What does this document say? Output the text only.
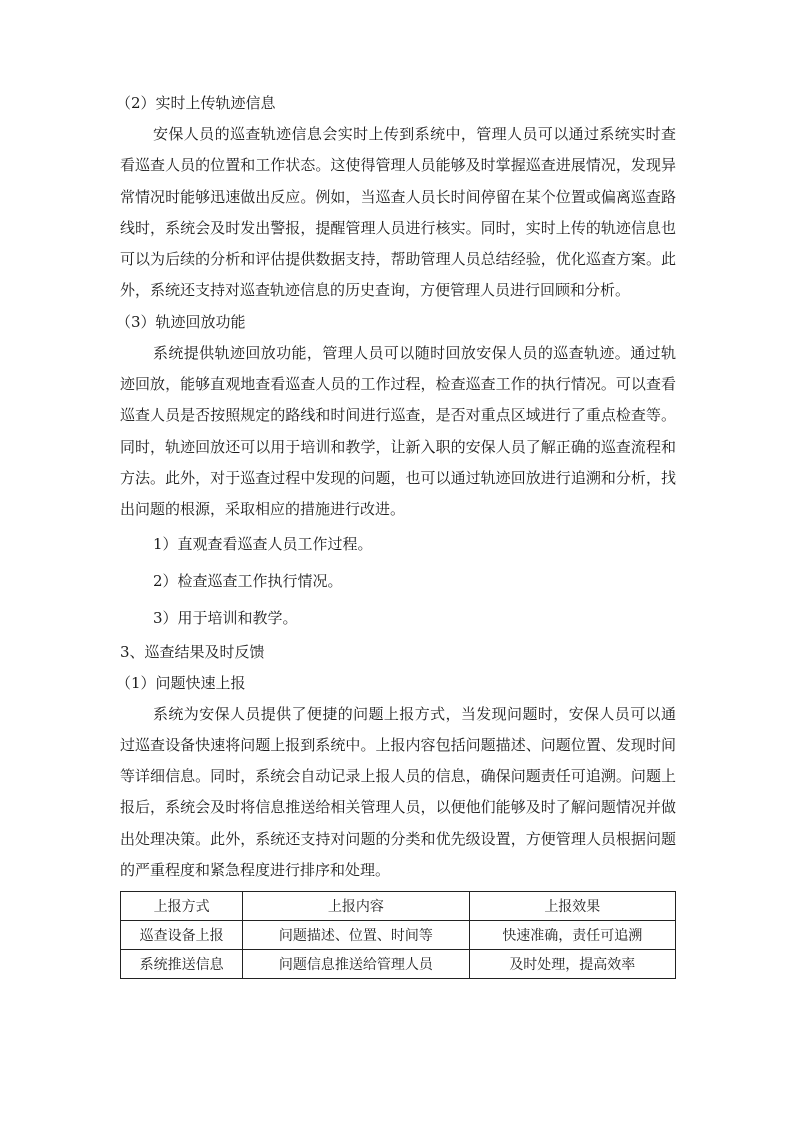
（2）实时上传轨迹信息

安保人员的巡查轨迹信息会实时上传到系统中，管理人员可以通过系统实时查看巡查人员的位置和工作状态。这使得管理人员能够及时掌握巡查进展情况，发现异常情况时能够迅速做出反应。例如，当巡查人员长时间停留在某个位置或偏离巡查路线时，系统会及时发出警报，提醒管理人员进行核实。同时，实时上传的轨迹信息也可以为后续的分析和评估提供数据支持，帮助管理人员总结经验，优化巡查方案。此外，系统还支持对巡查轨迹信息的历史查询，方便管理人员进行回顾和分析。

（3）轨迹回放功能

系统提供轨迹回放功能，管理人员可以随时回放安保人员的巡查轨迹。通过轨迹回放，能够直观地查看巡查人员的工作过程，检查巡查工作的执行情况。可以查看巡查人员是否按照规定的路线和时间进行巡查，是否对重点区域进行了重点检查等。同时，轨迹回放还可以用于培训和教学，让新入职的安保人员了解正确的巡查流程和方法。此外，对于巡查过程中发现的问题，也可以通过轨迹回放进行追溯和分析，找出问题的根源，采取相应的措施进行改进。

1）直观查看巡查人员工作过程。

2）检查巡查工作执行情况。

3）用于培训和教学。

3、巡查结果及时反馈

（1）问题快速上报

系统为安保人员提供了便捷的问题上报方式，当发现问题时，安保人员可以通过巡查设备快速将问题上报到系统中。上报内容包括问题描述、问题位置、发现时间等详细信息。同时，系统会自动记录上报人员的信息，确保问题责任可追溯。问题上报后，系统会及时将信息推送给相关管理人员，以便他们能够及时了解问题情况并做出处理决策。此外，系统还支持对问题的分类和优先级设置，方便管理人员根据问题的严重程度和紧急程度进行排序和处理。

上报方式	上报内容	上报效果
巡查设备上报	问题描述、位置、时间等	快速准确，责任可追溯
系统推送信息	问题信息推送给管理人员	及时处理，提高效率
